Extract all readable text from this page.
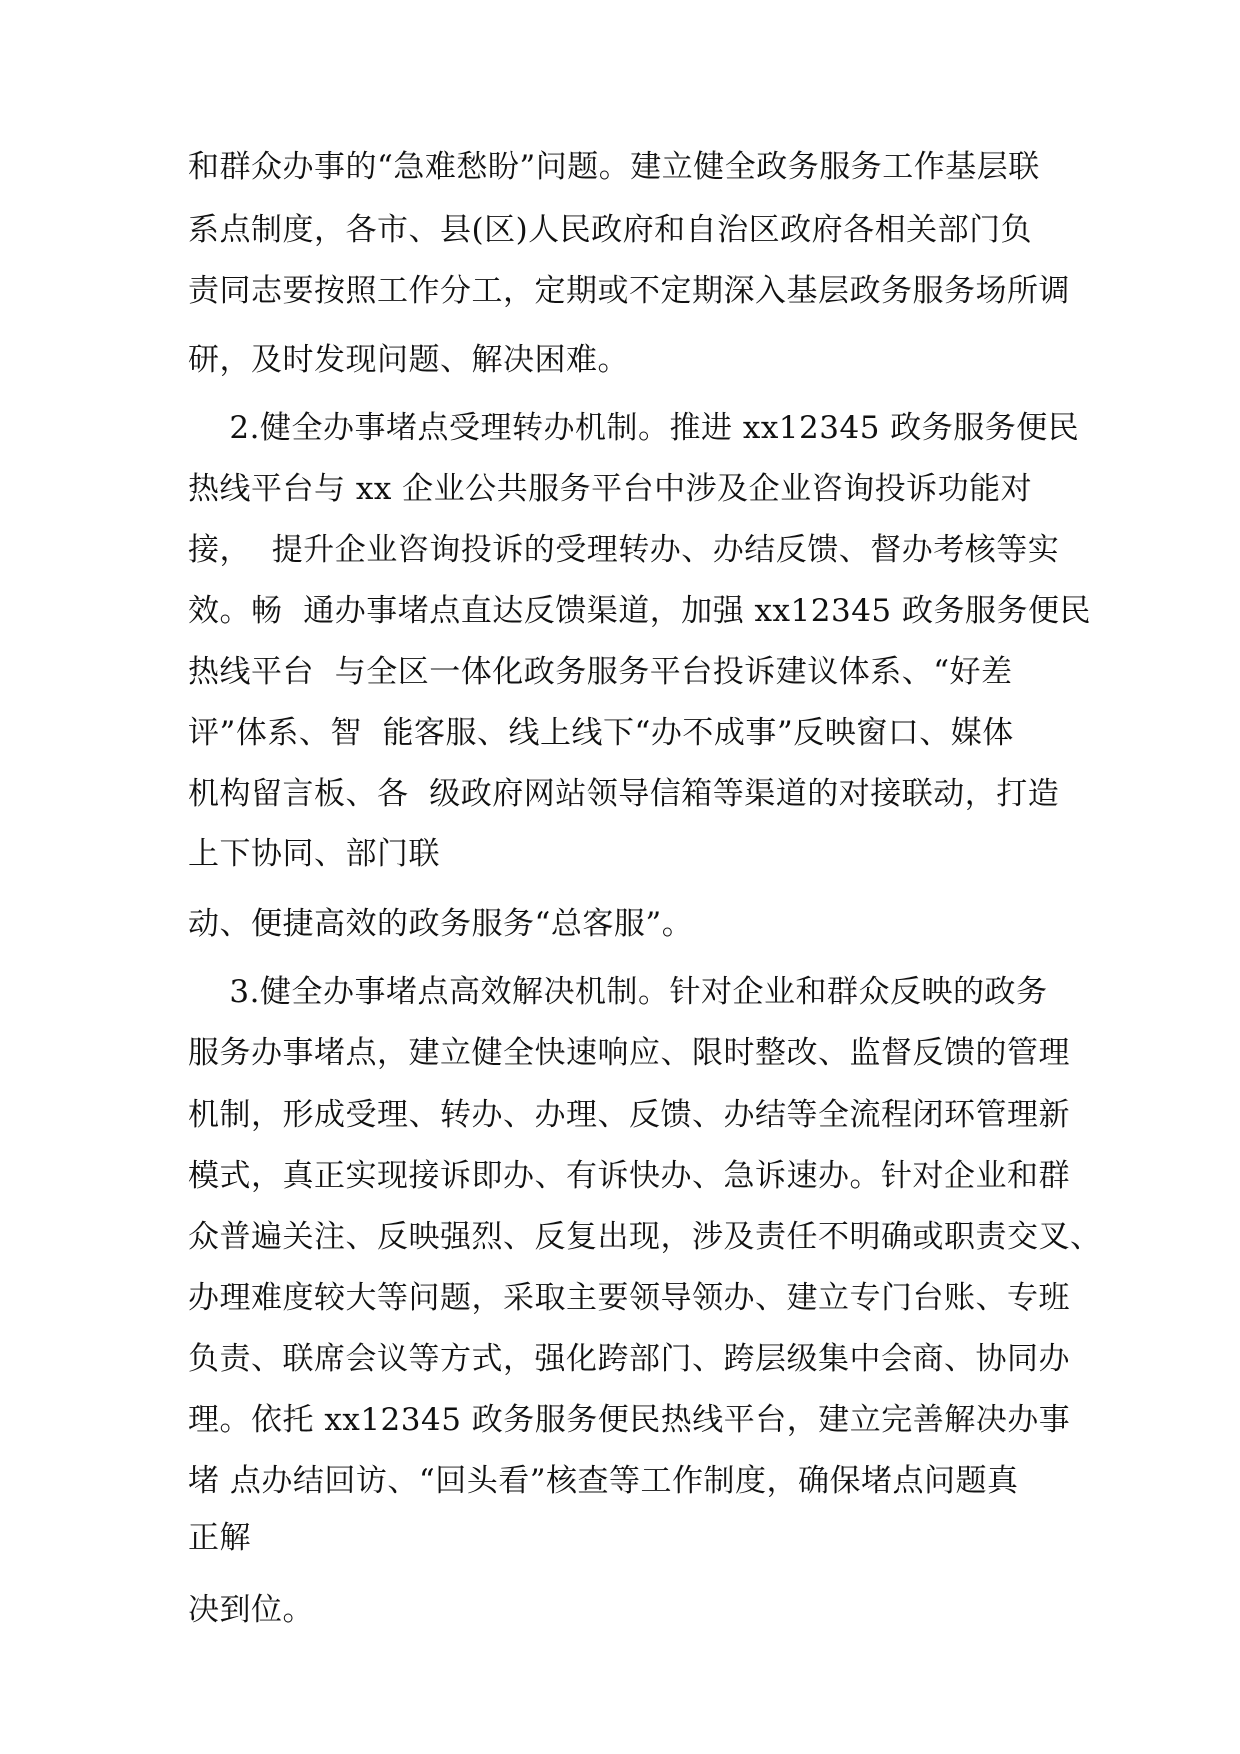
和群众办事的“急难愁盼”问题。建立健全政务服务工作基层联
系点制度，各市、县(区)人民政府和自治区政府各相关部门负
责同志要按照工作分工，定期或不定期深入基层政务服务场所调
研，及时发现问题、解决困难。
2.健全办事堵点受理转办机制。推进 xx12345 政务服务便民
热线平台与 xx 企业公共服务平台中涉及企业咨询投诉功能对
接，  提升企业咨询投诉的受理转办、办结反馈、督办考核等实
效。畅  通办事堵点直达反馈渠道，加强 xx12345 政务服务便民
热线平台  与全区一体化政务服务平台投诉建议体系、“好差
评”体系、智  能客服、线上线下“办不成事”反映窗口、媒体
机构留言板、各  级政府网站领导信箱等渠道的对接联动，打造
上下协同、部门联
动、便捷高效的政务服务“总客服”。
3.健全办事堵点高效解决机制。针对企业和群众反映的政务
服务办事堵点，建立健全快速响应、限时整改、监督反馈的管理
机制，形成受理、转办、办理、反馈、办结等全流程闭环管理新
模式，真正实现接诉即办、有诉快办、急诉速办。针对企业和群
众普遍关注、反映强烈、反复出现，涉及责任不明确或职责交叉、
办理难度较大等问题，采取主要领导领办、建立专门台账、专班
负责、联席会议等方式，强化跨部门、跨层级集中会商、协同办
理。依托 xx12345 政务服务便民热线平台，建立完善解决办事
堵 点办结回访、“回头看”核查等工作制度，确保堵点问题真
正解
决到位。
